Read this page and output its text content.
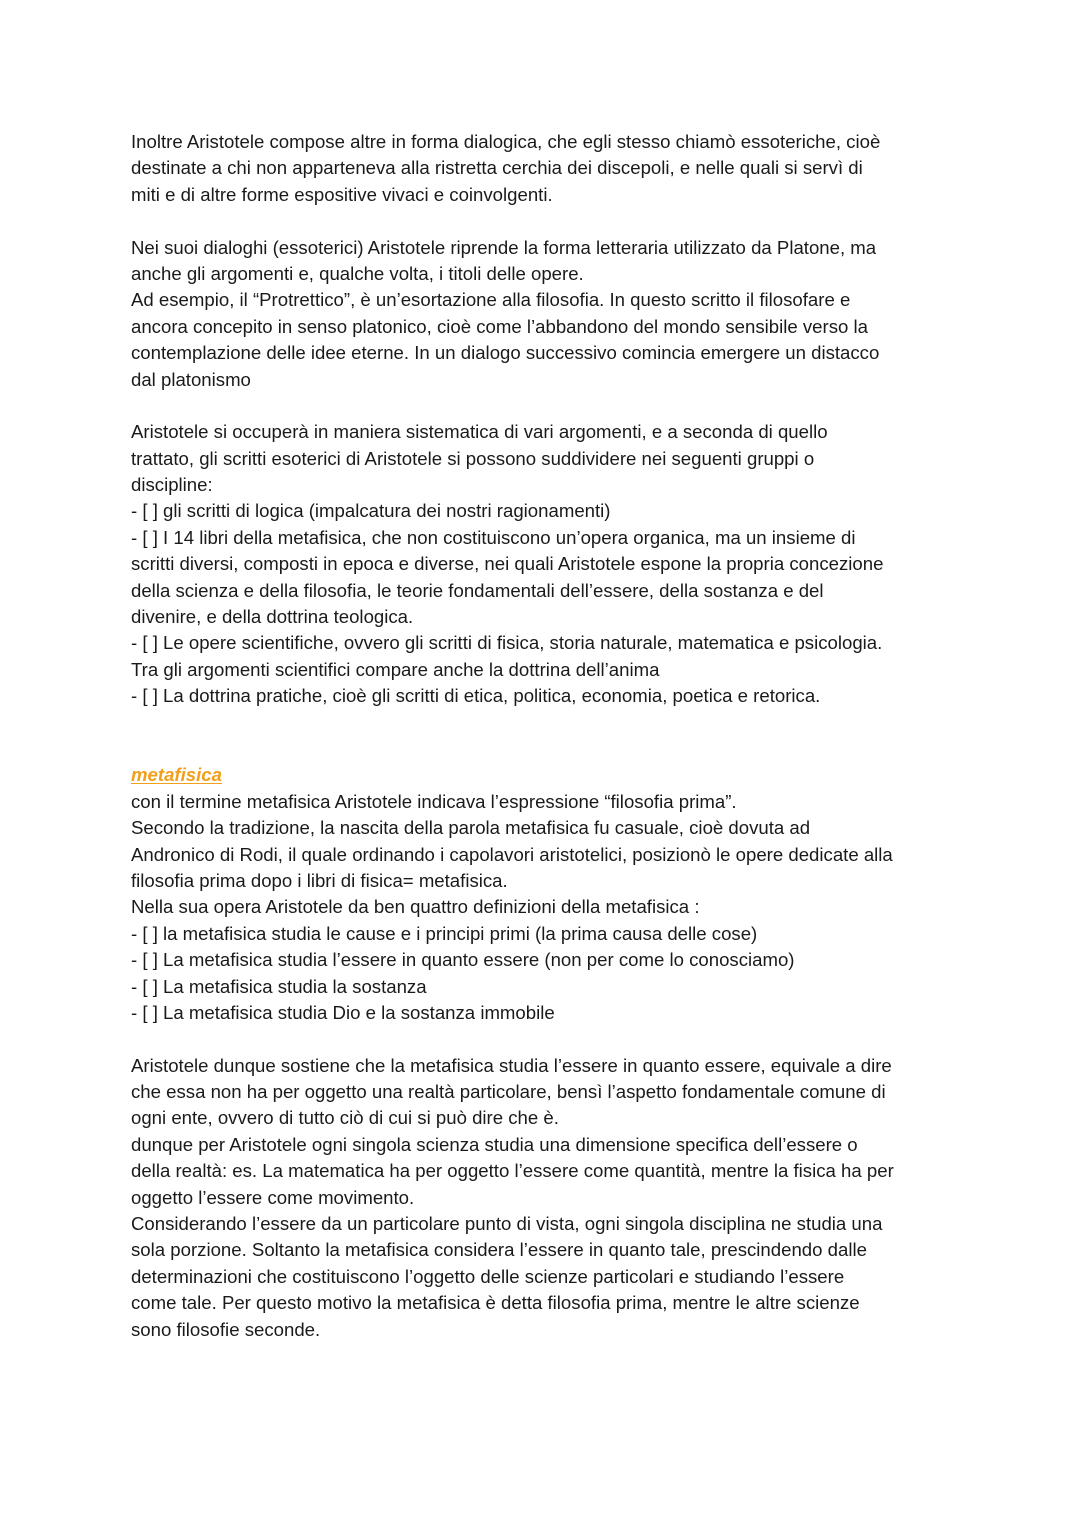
Inoltre Aristotele compose altre in forma dialogica, che egli stesso chiamò essoteriche, cioè
destinate a chi non apparteneva alla ristretta cerchia dei discepoli, e nelle quali si servì di
miti e di altre forme espositive vivaci e coinvolgenti.
Nei suoi dialoghi (essoterici) Aristotele riprende la forma letteraria utilizzato da Platone, ma
anche gli argomenti e, qualche volta, i titoli delle opere.
Ad esempio, il “Protrettico”, è un’esortazione alla filosofia. In questo scritto il filosofare e
ancora concepito in senso platonico, cioè come l’abbandono del mondo sensibile verso la
contemplazione delle idee eterne. In un dialogo successivo comincia emergere un distacco
dal platonismo
Aristotele si occuperà in maniera sistematica di vari argomenti, e a seconda di quello
trattato, gli scritti esoterici di Aristotele si possono suddividere nei seguenti gruppi o
discipline:
- [ ] gli scritti di logica (impalcatura dei nostri ragionamenti)
- [ ] I 14 libri della metafisica, che non costituiscono un’opera organica, ma un insieme di
scritti diversi, composti in epoca e diverse, nei quali Aristotele espone la propria concezione
della scienza e della filosofia, le teorie fondamentali dell’essere, della sostanza e del
divenire, e della dottrina teologica.
- [ ] Le opere scientifiche, ovvero gli scritti di fisica, storia naturale, matematica e psicologia.
Tra gli argomenti scientifici compare anche la dottrina dell’anima
- [ ] La dottrina pratiche, cioè gli scritti di etica, politica, economia, poetica e retorica.
metafisica
con il termine metafisica Aristotele indicava l’espressione “filosofia prima”.
Secondo la tradizione, la nascita della parola metafisica fu casuale, cioè dovuta ad
Andronico di Rodi, il quale ordinando i capolavori aristotelici, posizionò le opere dedicate alla
filosofia prima dopo i libri di fisica= metafisica.
Nella sua opera Aristotele da ben quattro definizioni della metafisica :
- [ ] la metafisica studia le cause e i principi primi (la prima causa delle cose)
- [ ] La metafisica studia l’essere in quanto essere (non per come lo conosciamo)
- [ ] La metafisica studia la sostanza
- [ ] La metafisica studia Dio e la sostanza immobile
Aristotele dunque sostiene che la metafisica studia l’essere in quanto essere, equivale a dire
che essa non ha per oggetto una realtà particolare, bensì l’aspetto fondamentale comune di
ogni ente, ovvero di tutto ciò di cui si può dire che è.
dunque per Aristotele ogni singola scienza studia una dimensione specifica dell’essere o
della realtà: es. La matematica ha per oggetto l’essere come quantità, mentre la fisica ha per
oggetto l’essere come movimento.
Considerando l’essere da un particolare punto di vista, ogni singola disciplina ne studia una
sola porzione. Soltanto la metafisica considera l’essere in quanto tale, prescindendo dalle
determinazioni che costituiscono l’oggetto delle scienze particolari e studiando l’essere
come tale. Per questo motivo la metafisica è detta filosofia prima, mentre le altre scienze
sono filosofie seconde.
